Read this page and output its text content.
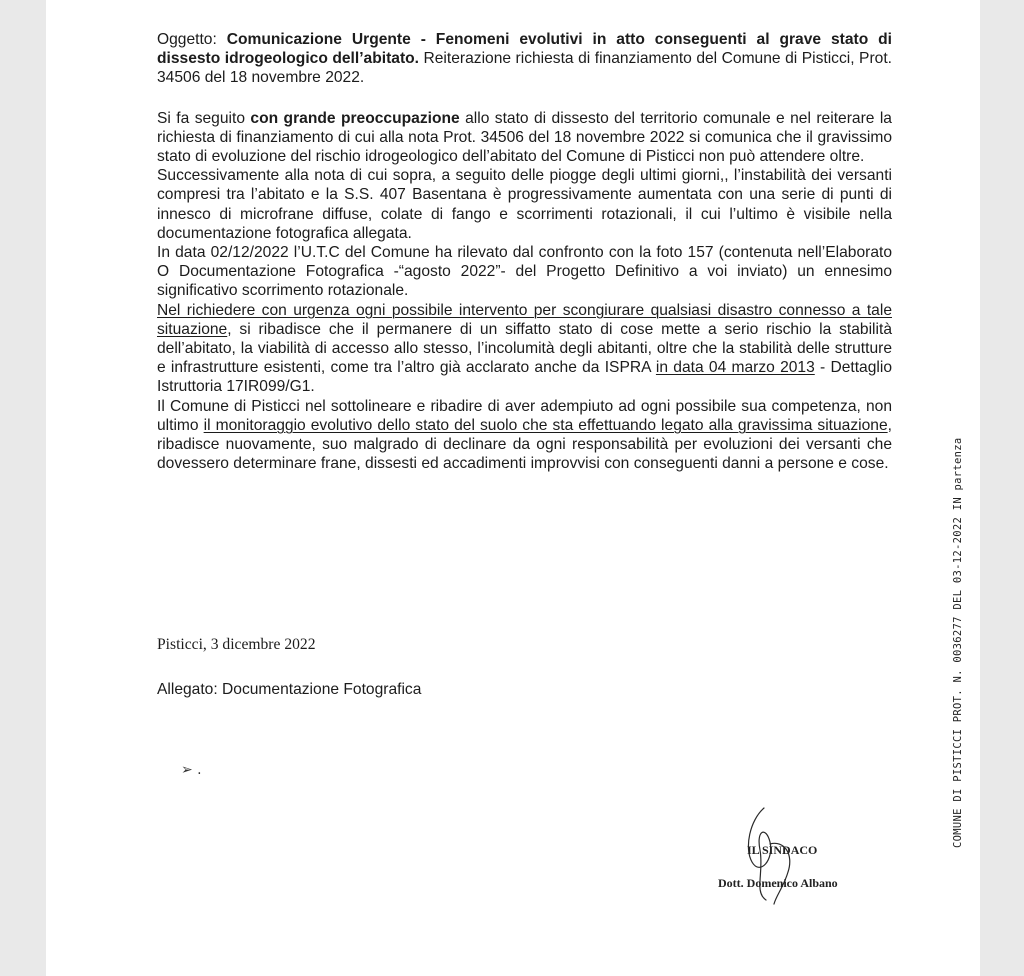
Oggetto: Comunicazione Urgente - Fenomeni evolutivi in atto conseguenti al grave stato di dissesto idrogeologico dell’abitato. Reiterazione richiesta di finanziamento del Comune di Pisticci, Prot. 34506 del 18 novembre 2022.

Si fa seguito con grande preoccupazione allo stato di dissesto del territorio comunale e nel reiterare la richiesta di finanziamento di cui alla nota Prot. 34506 del 18 novembre 2022 si comunica che il gravissimo stato di evoluzione del rischio idrogeologico dell’abitato del Comune di Pisticci non può attendere oltre.

Successivamente alla nota di cui sopra, a seguito delle piogge degli ultimi giorni,, l’instabilità dei versanti compresi tra l’abitato e la S.S. 407 Basentana è progressivamente aumentata con una serie di punti di innesco di microfrane diffuse, colate di fango e scorrimenti rotazionali, il cui l’ultimo è visibile nella documentazione fotografica allegata.

In data 02/12/2022 l’U.T.C del Comune ha rilevato dal confronto con la foto 157 (contenuta nell’Elaborato O Documentazione Fotografica -“agosto 2022”- del Progetto Definitivo a voi inviato) un ennesimo significativo scorrimento rotazionale.

Nel richiedere con urgenza ogni possibile intervento per scongiurare qualsiasi disastro connesso a tale situazione, si ribadisce che il permanere di un siffatto stato di cose mette a serio rischio la stabilità dell’abitato, la viabilità di accesso allo stesso, l’incolumità degli abitanti, oltre che la stabilità delle strutture e infrastrutture esistenti, come tra l’altro già acclarato anche da ISPRA in data 04 marzo 2013 - Dettaglio Istruttoria 17IR099/G1.

Il Comune di Pisticci nel sottolineare e ribadire di aver adempiuto ad ogni possibile sua competenza, non ultimo il monitoraggio evolutivo dello stato del suolo che sta effettuando legato alla gravissima situazione, ribadisce nuovamente, suo malgrado di declinare da ogni responsabilità per evoluzioni dei versanti che dovessero determinare frane, dissesti ed accadimenti improvvisi con conseguenti danni a persone e cose.

Pisticci, 3 dicembre 2022
Allegato: Documentazione Fotografica
➢ .
IL SINDACO
Dott. Domenico Albano
COMUNE DI PISTICCI PROT. N. 0036277 DEL 03-12-2022 IN partenza
